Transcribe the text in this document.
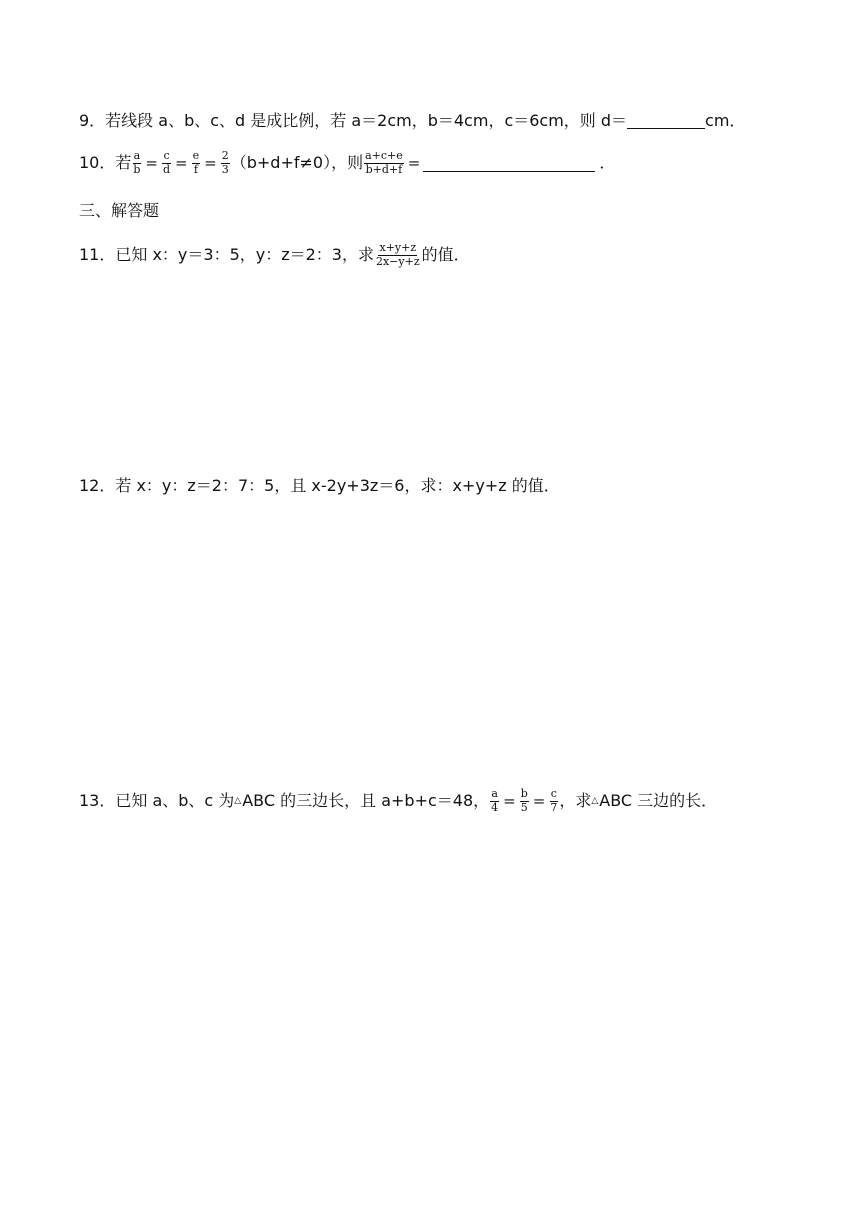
9．若线段 a、b、c、d 是成比例，若 a＝2cm，b＝4cm，c＝6cm，则 d＝	cm．
10．若 $\frac{a}{b} = \frac{c}{d} = \frac{e}{f} = \frac{2}{3} (b+d+f\ne 0)$，则 $\frac{a+c+e}{b+d+f}$ =	．
三、解答题
11．已知 x：y＝3：5，y：z＝2：3，求 $\frac{x+y+z}{2x-y+z}$ 的值．
12．若 x：y：z＝2：7：5，且 x-2y+3z＝6，求：x+y+z 的值．
13．已知 a、b、c 为 △ ABC 的三边长，且 a+b+c＝48， $\frac{a}{4} = \frac{b}{5} = \frac{c}{7}$ ，求 △ ABC 三边的长．
